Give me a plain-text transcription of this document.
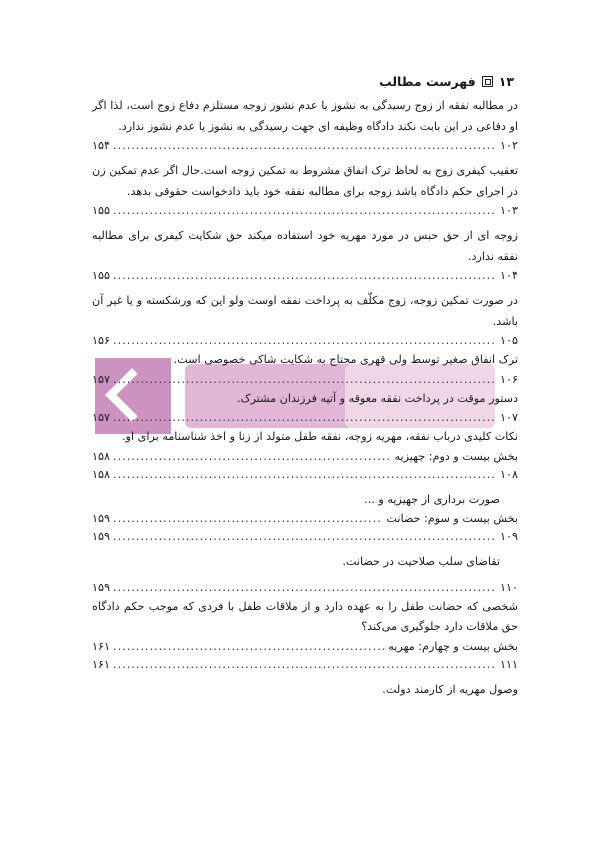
فهرست مطالب ۱۳
در مطالبه نفقه از زوج رسیدگی به نشوز یا عدم نشوز زوجه مستلزم دفاع زوج است، لذا اگر او دفاعی در این بابت نکند دادگاه وظیفه ای جهت رسیدگی به نشوز یا عدم نشوز ندارد.
۱۵۴ .....	۱۰۲
تعقیب کیفری زوج به لحاظ ترک انفاق مشروط به تمکین زوجه است.حال اگر عدم تمکین زن در اجرای حکم دادگاه باشد زوجه برای مطالبه نفقه خود باید دادخواست حقوقی بدهد.
۱۵۵ .....	۱۰۳
زوجه ای از حق حبس در مورد مهریه خود استفاده میکند حق شکایت کیفری برای مطالبه نفقه ندارد.
۱۵۵ .....	۱۰۴
در صورت تمکین زوجه، زوج مکلّف به پرداخت نفقه اوست ولو این که ورشکسته و یا غیر آن باشد.
۱۵۶ .....	۱۰۵
ترک انفاق صغیر توسط ولی قهری محتاج به شکایت شاکی خصوصی است.
۱۵۷ .....	۱۰۶
دستور موقت در پرداخت نفقه معوقه و آتیه فرزندان مشترک.
۱۵۷ .....	۱۰۷
نکات کلیدی درباب نفقه، مهریه زوجه، نفقه طفل متولد از زنا و اخذ شناسنامه برای او.
۱۵۸ .....	بخش بیست و دوم: جهیزیه
۱۵۸ .....	۱۰۸
صورت برداری از جهیزیه و ...
۱۵۹ .....	بخش بیست و سوم: حضانت
۱۵۹ .....	۱۰۹
تقاضای سلب صلاحیت در حضانت.
۱۵۹ .....	۱۱۰
شخصی که حضانت طفل را به عهده دارد و از ملاقات طفل با فردی که موجب حکم دادگاه حق ملاقات دارد جلوگیری می‌کند؟
۱۶۱ .....	بخش بیست و چهارم: مهریه
۱۶۱ .....	۱۱۱
وصول مهریه از کارمند دولت.
